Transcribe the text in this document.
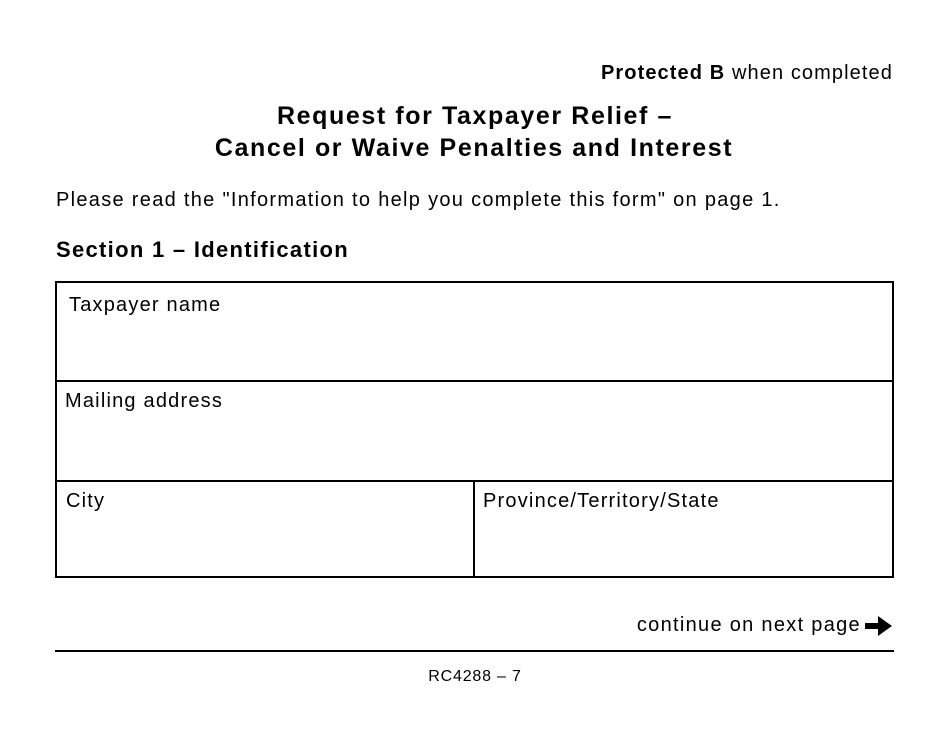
Protected B when completed
Request for Taxpayer Relief –
Cancel or Waive Penalties and Interest
Please read the "Information to help you complete this form" on page 1.
Section 1 – Identification
Taxpayer name
Mailing address
City	Province/Territory/State
continue on next page
RC4288 – 7
